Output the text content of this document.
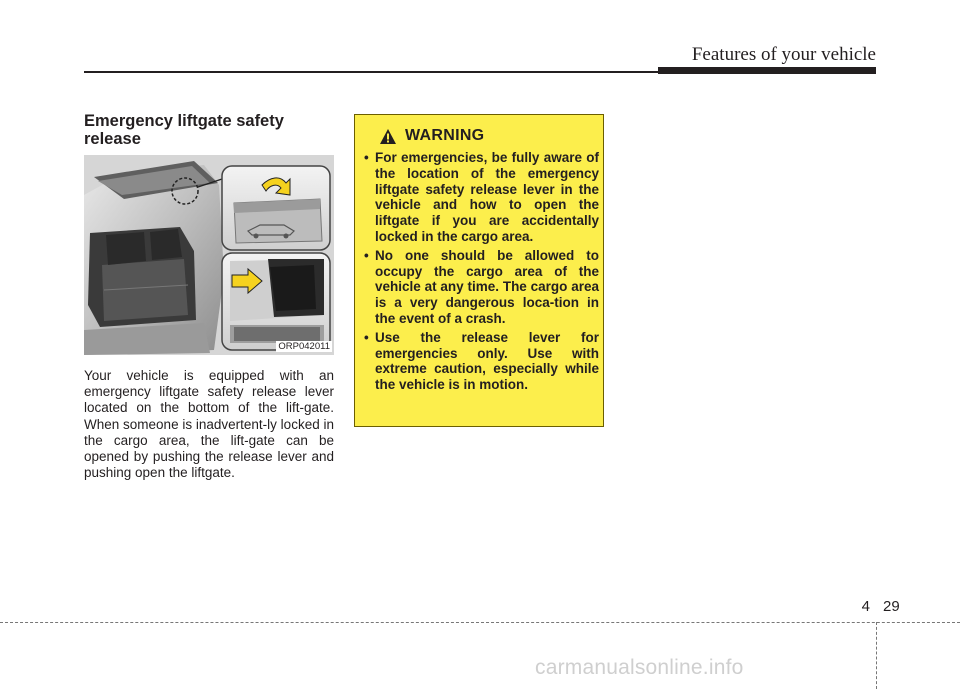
Features of your vehicle
Emergency liftgate safety release
ORP042011

Your vehicle is equipped with an emergency liftgate safety release lever located on the bottom of the lift-gate. When someone is inadvertent-ly locked in the cargo area, the lift-gate can be opened by pushing the release lever and pushing open the liftgate.

WARNING
• For emergencies, be fully aware of the location of the emergency liftgate safety release lever in the vehicle and how to open the liftgate if you are accidentally locked in the cargo area.
• No one should be allowed to occupy the cargo area of the vehicle at any time. The cargo area is a very dangerous loca-tion in the event of a crash.
• Use the release lever for emergencies only. Use with extreme caution, especially while the vehicle is in motion.
4 29
carmanualsonline.info
